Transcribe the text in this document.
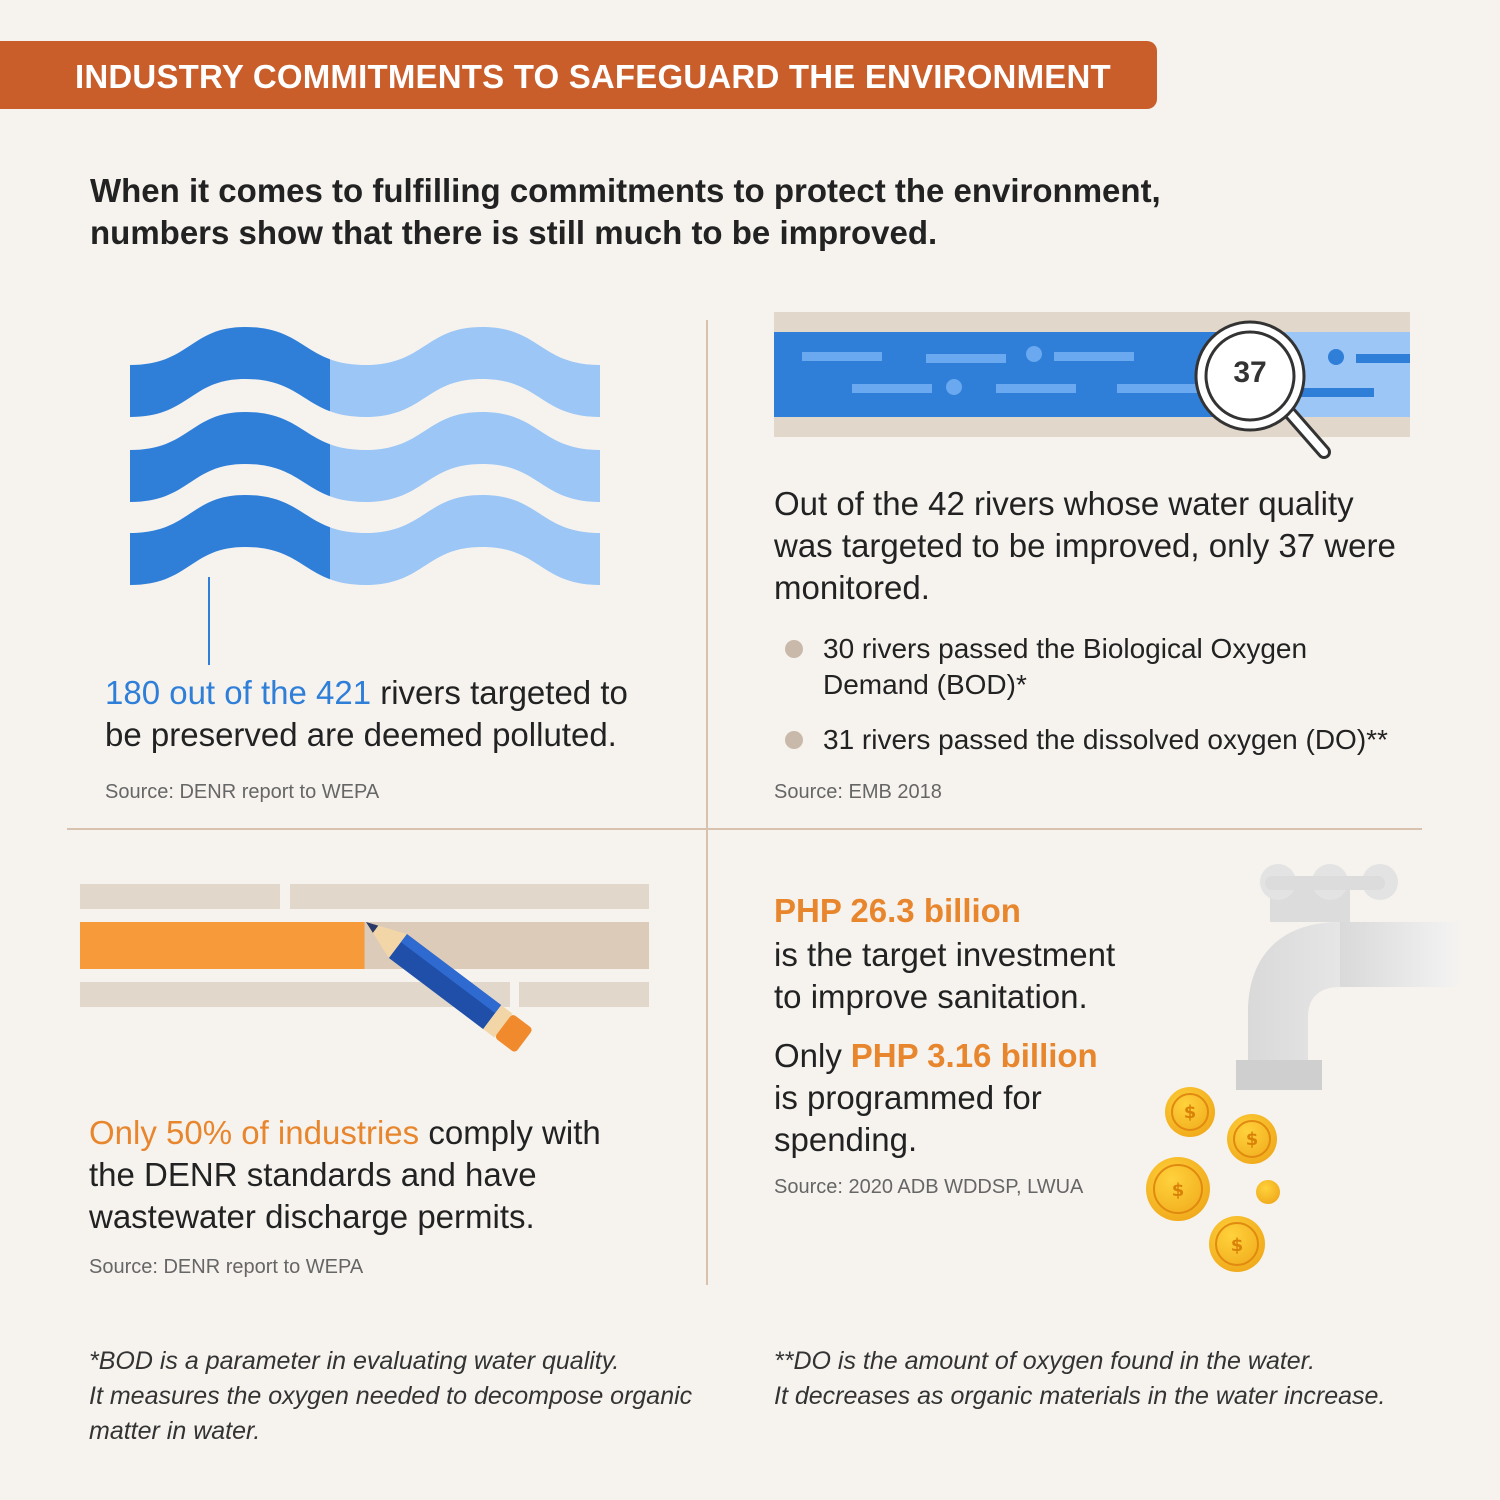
INDUSTRY COMMITMENTS TO SAFEGUARD THE ENVIRONMENT
When it comes to fulfilling commitments to protect the environment,
numbers show that there is still much to be improved.
180 out of the 421 rivers targeted to
be preserved are deemed polluted.
Source: DENR report to WEPA
37
Out of the 42 rivers whose water quality
was targeted to be improved, only 37 were
monitored.
30 rivers passed the Biological Oxygen
Demand (BOD)*
31 rivers passed the dissolved oxygen (DO)**
Source: EMB 2018
Only 50% of industries comply with
the DENR standards and have
wastewater discharge permits.
Source: DENR report to WEPA
PHP 26.3 billion
is the target investment
to improve sanitation.
Only PHP 3.16 billion
is programmed for
spending.
Source: 2020 ADB WDDSP, LWUA
$
$
$
$
*BOD is a parameter in evaluating water quality.
It measures the oxygen needed to decompose organic
matter in water.
**DO is the amount of oxygen found in the water.
It decreases as organic materials in the water increase.
